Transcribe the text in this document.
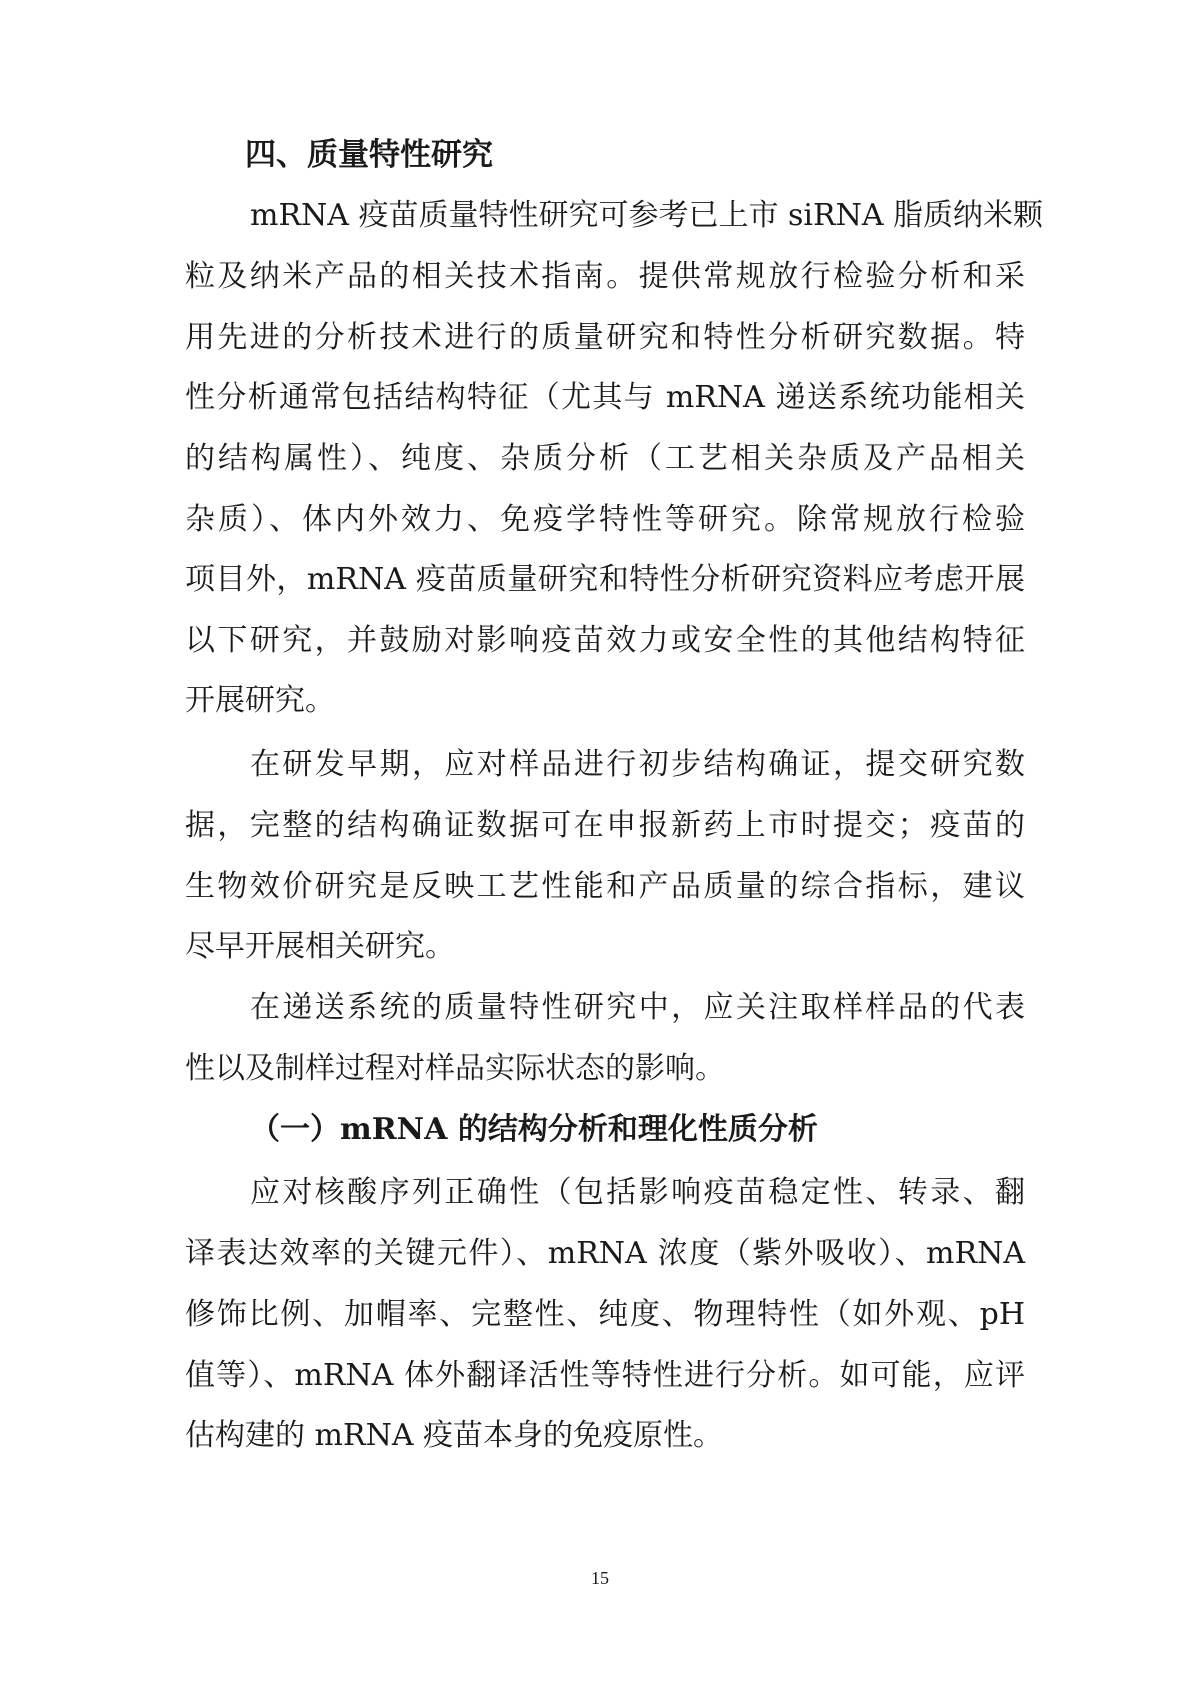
四、质量特性研究
mRNA 疫苗质量特性研究可参考已上市 siRNA 脂质纳米颗
粒及纳米产品的相关技术指南。提供常规放行检验分析和采
用先进的分析技术进行的质量研究和特性分析研究数据。特
性分析通常包括结构特征（尤其与 mRNA 递送系统功能相关
的结构属性）、纯度、杂质分析（工艺相关杂质及产品相关
杂质）、体内外效力、免疫学特性等研究。除常规放行检验
项目外，mRNA 疫苗质量研究和特性分析研究资料应考虑开展
以下研究，并鼓励对影响疫苗效力或安全性的其他结构特征
开展研究。
在研发早期，应对样品进行初步结构确证，提交研究数
据，完整的结构确证数据可在申报新药上市时提交；疫苗的
生物效价研究是反映工艺性能和产品质量的综合指标，建议
尽早开展相关研究。
在递送系统的质量特性研究中，应关注取样样品的代表
性以及制样过程对样品实际状态的影响。
（一）mRNA 的结构分析和理化性质分析
应对核酸序列正确性（包括影响疫苗稳定性、转录、翻
译表达效率的关键元件）、mRNA 浓度（紫外吸收）、mRNA
修饰比例、加帽率、完整性、纯度、物理特性（如外观、pH
值等）、mRNA 体外翻译活性等特性进行分析。如可能，应评
估构建的 mRNA 疫苗本身的免疫原性。
15
